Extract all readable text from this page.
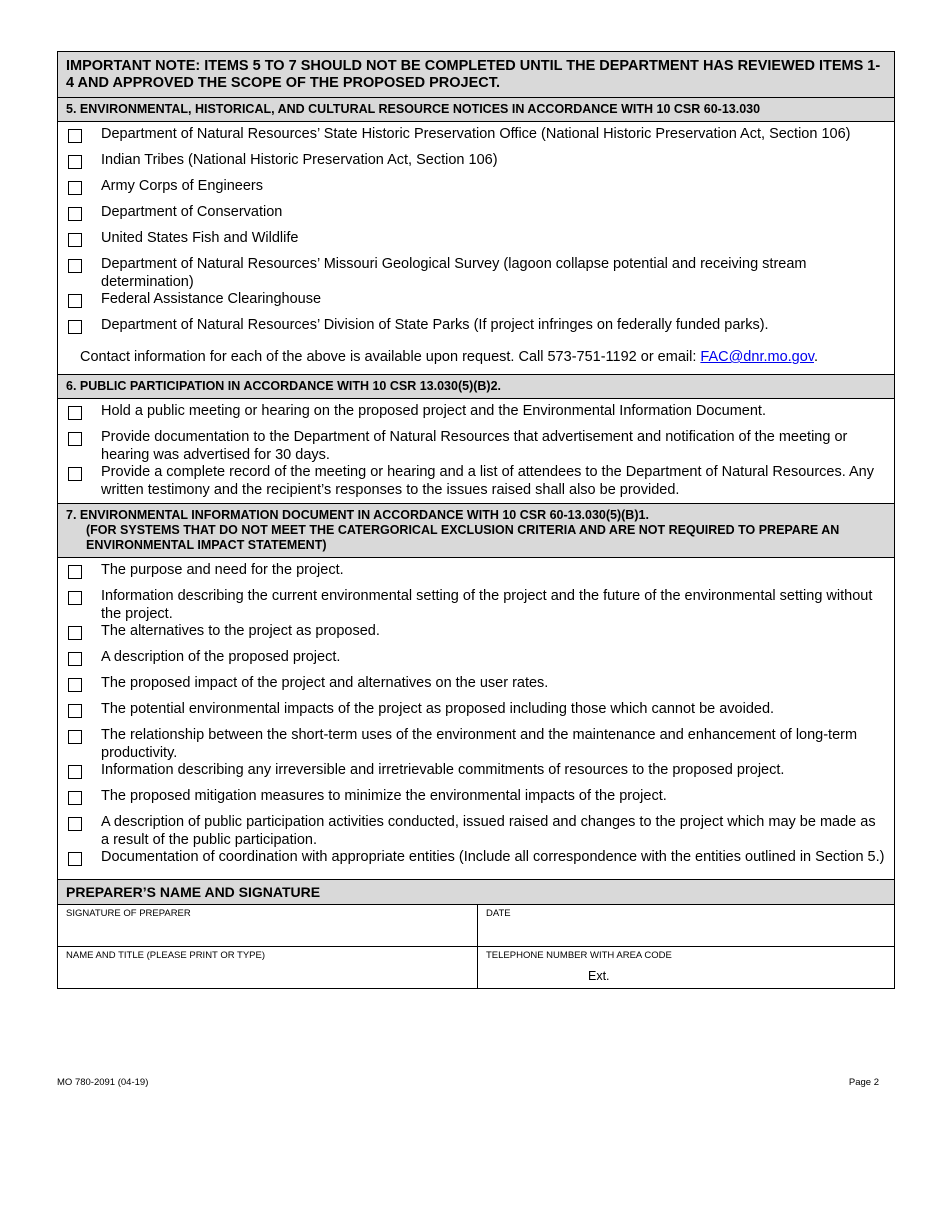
IMPORTANT NOTE: ITEMS 5 TO 7 SHOULD NOT BE COMPLETED UNTIL THE DEPARTMENT HAS REVIEWED ITEMS 1-4 AND APPROVED THE SCOPE OF THE PROPOSED PROJECT.
5. ENVIRONMENTAL, HISTORICAL, AND CULTURAL RESOURCE NOTICES IN ACCORDANCE WITH 10 CSR 60-13.030
Department of Natural Resources’ State Historic Preservation Office (National Historic Preservation Act, Section 106)
Indian Tribes (National Historic Preservation Act, Section 106)
Army Corps of Engineers
Department of Conservation
United States Fish and Wildlife
Department of Natural Resources’ Missouri Geological Survey (lagoon collapse potential and receiving stream determination)
Federal Assistance Clearinghouse
Department of Natural Resources’ Division of State Parks (If project infringes on federally funded parks).
Contact information for each of the above is available upon request. Call 573-751-1192 or email: FAC@dnr.mo.gov.
6. PUBLIC PARTICIPATION IN ACCORDANCE WITH 10 CSR 13.030(5)(B)2.
Hold a public meeting or hearing on the proposed project and the Environmental Information Document.
Provide documentation to the Department of Natural Resources that advertisement and notification of the meeting or hearing was advertised for 30 days.
Provide a complete record of the meeting or hearing and a list of attendees to the Department of Natural Resources. Any written testimony and the recipient’s responses to the issues raised shall also be provided.
7. ENVIRONMENTAL INFORMATION DOCUMENT IN ACCORDANCE WITH 10 CSR 60-13.030(5)(B)1.
(FOR SYSTEMS THAT DO NOT MEET THE CATERGORICAL EXCLUSION CRITERIA AND ARE NOT REQUIRED TO PREPARE AN ENVIRONMENTAL IMPACT STATEMENT)
The purpose and need for the project.
Information describing the current environmental setting of the project and the future of the environmental setting without the project.
The alternatives to the project as proposed.
A description of the proposed project.
The proposed impact of the project and alternatives on the user rates.
The potential environmental impacts of the project as proposed including those which cannot be avoided.
The relationship between the short-term uses of the environment and the maintenance and enhancement of long-term productivity.
Information describing any irreversible and irretrievable commitments of resources to the proposed project.
The proposed mitigation measures to minimize the environmental impacts of the project.
A description of public participation activities conducted, issued raised and changes to the project which may be made as a result of the public participation.
Documentation of coordination with appropriate entities (Include all correspondence with the entities outlined in Section 5.)
PREPARER’S NAME AND SIGNATURE
SIGNATURE OF PREPARER	DATE
NAME AND TITLE (PLEASE PRINT OR TYPE)	TELEPHONE NUMBER WITH AREA CODE
Ext.
MO 780-2091 (04-19)	Page 2
